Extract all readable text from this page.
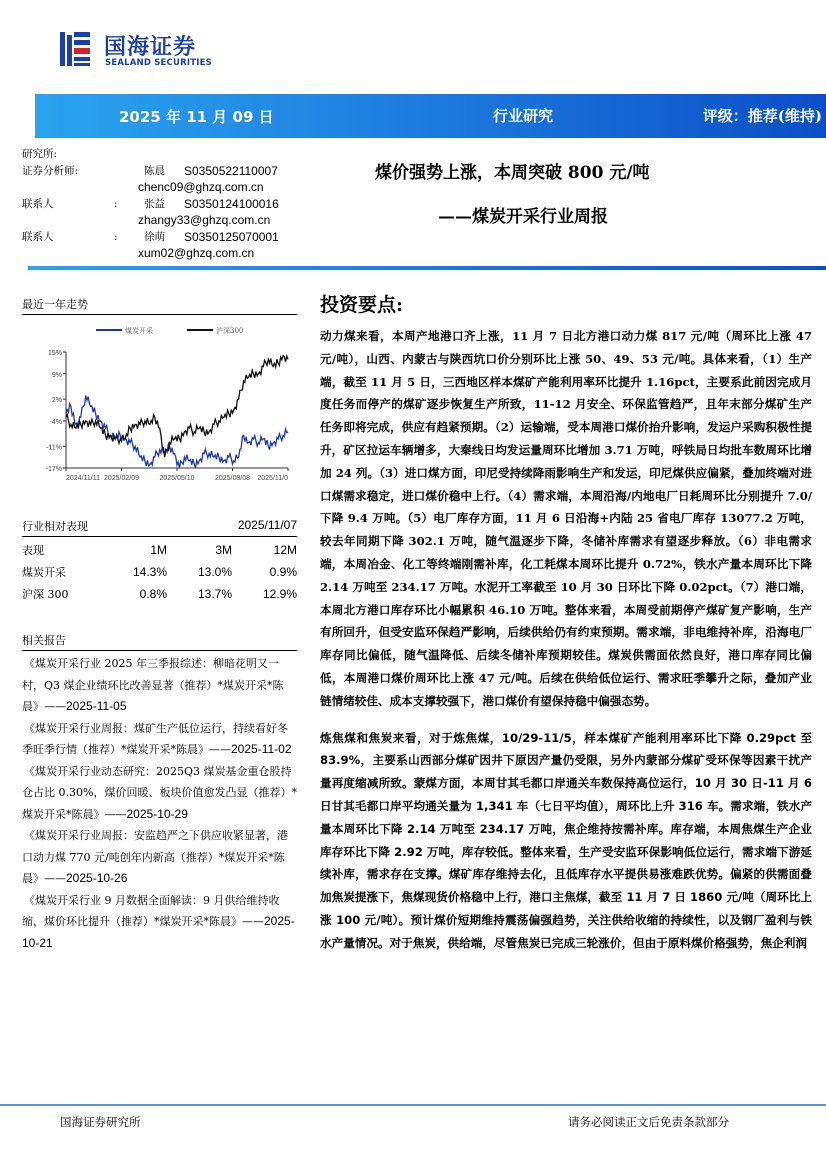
国海证券
SEALAND SECURITIES
2025 年 11 月 09 日	行业研究	评级：推荐(维持)
研究所:
证券分析师:	陈晨	S0350522110007
chenc09@ghzq.com.cn
联系人	:	张益	S0350124100016
zhangy33@ghzq.com.cn
联系人	:	徐萌	S0350125070001
xum02@ghzq.com.cn
煤价强势上涨，本周突破 800 元/吨
——煤炭开采行业周报
最近一年走势
煤炭开采	沪深300
15%
9%
2%
-4%
-11%
-17%
2024/11/11 2025/02/09	2025/05/10	2025/08/08 2025/11/0
行业相对表现	2025/11/07
表现	1M	3M	12M
煤炭开采	14.3%	13.0%	0.9%
沪深 300	0.8%	13.7%	12.9%
相关报告
《煤炭开采行业 2025 年三季报综述：柳暗花明又一村，Q3 煤企业绩环比改善显著（推荐）*煤炭开采*陈晨》——2025-11-05
《煤炭开采行业周报：煤矿生产低位运行，持续看好冬季旺季行情（推荐）*煤炭开采*陈晨》——2025-11-02
《煤炭开采行业动态研究：2025Q3 煤炭基金重仓股持仓占比 0.30%，煤价回暖、板块价值愈发凸显（推荐）*煤炭开采*陈晨》——2025-10-29
《煤炭开采行业周报：安监趋严之下供应收紧显著，港口动力煤 770 元/吨创年内新高（推荐）*煤炭开采*陈晨》——2025-10-26
《煤炭开采行业 9 月数据全面解读：9 月供给维持收缩，煤价环比提升（推荐）*煤炭开采*陈晨》——2025-10-21
投资要点:

动力煤来看，本周产地港口齐上涨，11 月 7 日北方港口动力煤 817 元/吨（周环比上涨 47 元/吨），山西、内蒙古与陕西坑口价分别环比上涨 50、49、53 元/吨。具体来看，（1）生产端，截至 11 月 5 日，三西地区样本煤矿产能利用率环比提升 1.16pct，主要系此前因完成月度任务而停产的煤矿逐步恢复生产所致，11-12 月安全、环保监管趋严，且年末部分煤矿生产任务即将完成，供应有趋紧预期。（2）运输端，受本周港口煤价抬升影响，发运户采购积极性提升，矿区拉运车辆增多，大秦线日均发运量周环比增加 3.71 万吨，呼铁局日均批车数周环比增加 24 列。（3）进口煤方面，印尼受持续降雨影响生产和发运，印尼煤供应偏紧，叠加终端对进口煤需求稳定，进口煤价稳中上行。（4）需求端，本周沿海/内地电厂日耗周环比分别提升 7.0/下降 9.4 万吨。（5）电厂库存方面，11 月 6 日沿海+内陆 25 省电厂库存 13077.2 万吨，较去年同期下降 302.1 万吨，随气温逐步下降，冬储补库需求有望逐步释放。（6）非电需求端，本周冶金、化工等终端刚需补库，化工耗煤本周环比提升 0.72%，铁水产量本周环比下降 2.14 万吨至 234.17 万吨。水泥开工率截至 10 月 30 日环比下降 0.02pct。（7）港口端，本周北方港口库存环比小幅累积 46.10 万吨。整体来看，本周受前期停产煤矿复产影响，生产有所回升，但受安监环保趋严影响，后续供给仍有约束预期。需求端，非电维持补库，沿海电厂库存同比偏低，随气温降低、后续冬储补库预期较佳。煤炭供需面依然良好，港口库存同比偏低，本周港口煤价周环比上涨 47 元/吨。后续在供给低位运行、需求旺季攀升之际，叠加产业链情绪较佳、成本支撑较强下，港口煤价有望保持稳中偏强态势。

炼焦煤和焦炭来看，对于炼焦煤，10/29-11/5，样本煤矿产能利用率环比下降 0.29pct 至 83.9%，主要系山西部分煤矿因井下原因产量仍受限，另外内蒙部分煤矿受环保等因素干扰产量再度缩减所致。蒙煤方面，本周甘其毛都口岸通关车数保持高位运行，10 月 30 日-11 月 6 日甘其毛都口岸平均通关量为 1,341 车（七日平均值），周环比上升 316 车。需求端，铁水产量本周环比下降 2.14 万吨至 234.17 万吨，焦企维持按需补库。库存端，本周焦煤生产企业库存环比下降 2.92 万吨，库存较低。整体来看，生产受安监环保影响低位运行，需求端下游延续补库，需求存在支撑。煤矿库存维持去化，且低库存水平提供易涨难跌优势。偏紧的供需面叠加焦炭提涨下，焦煤现货价格稳中上行，港口主焦煤，截至 11 月 7 日 1860 元/吨（周环比上涨 100 元/吨）。预计煤价短期维持震荡偏强趋势，关注供给收缩的持续性，以及钢厂盈利与铁水产量情况。对于焦炭，供给端，尽管焦炭已完成三轮涨价，但由于原料煤价格强势，焦企利润

国海证券研究所	请务必阅读正文后免责条款部分
